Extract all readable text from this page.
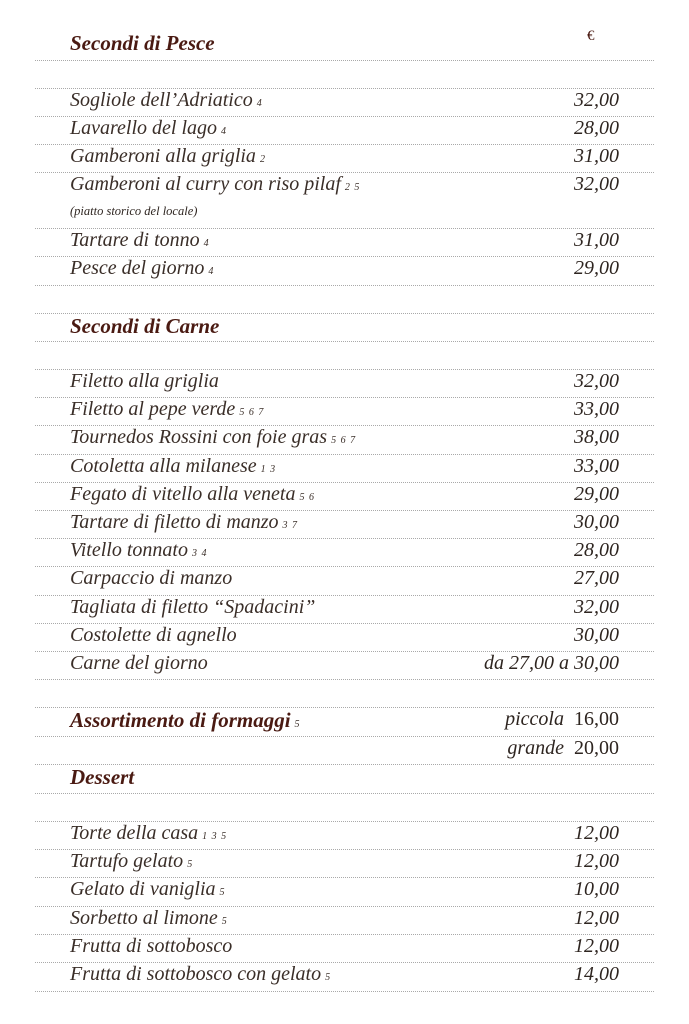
€
Secondi di Pesce
Sogliole dell’Adriatico 4	32,00
Lavarello del lago 4	28,00
Gamberoni alla griglia 2	31,00
Gamberoni al curry con riso pilaf 2 5	32,00
(piatto storico del locale)
Tartare di tonno 4	31,00
Pesce del giorno 4	29,00
Secondi di Carne
Filetto alla griglia	32,00
Filetto al pepe verde 5 6 7	33,00
Tournedos Rossini con foie gras 5 6 7	38,00
Cotoletta alla milanese 1 3	33,00
Fegato di vitello alla veneta 5 6	29,00
Tartare di filetto di manzo 3 7	30,00
Vitello tonnato 3 4	28,00
Carpaccio di manzo	27,00
Tagliata di filetto “Spadacini”	32,00
Costolette di agnello	30,00
Carne del giorno	da 27,00 a 30,00
Assortimento di formaggi 5	piccola 16,00
grande 20,00
Dessert
Torte della casa 1 3 5	12,00
Tartufo gelato 5	12,00
Gelato di vaniglia 5	10,00
Sorbetto al limone 5	12,00
Frutta di sottobosco	12,00
Frutta di sottobosco con gelato 5	14,00
